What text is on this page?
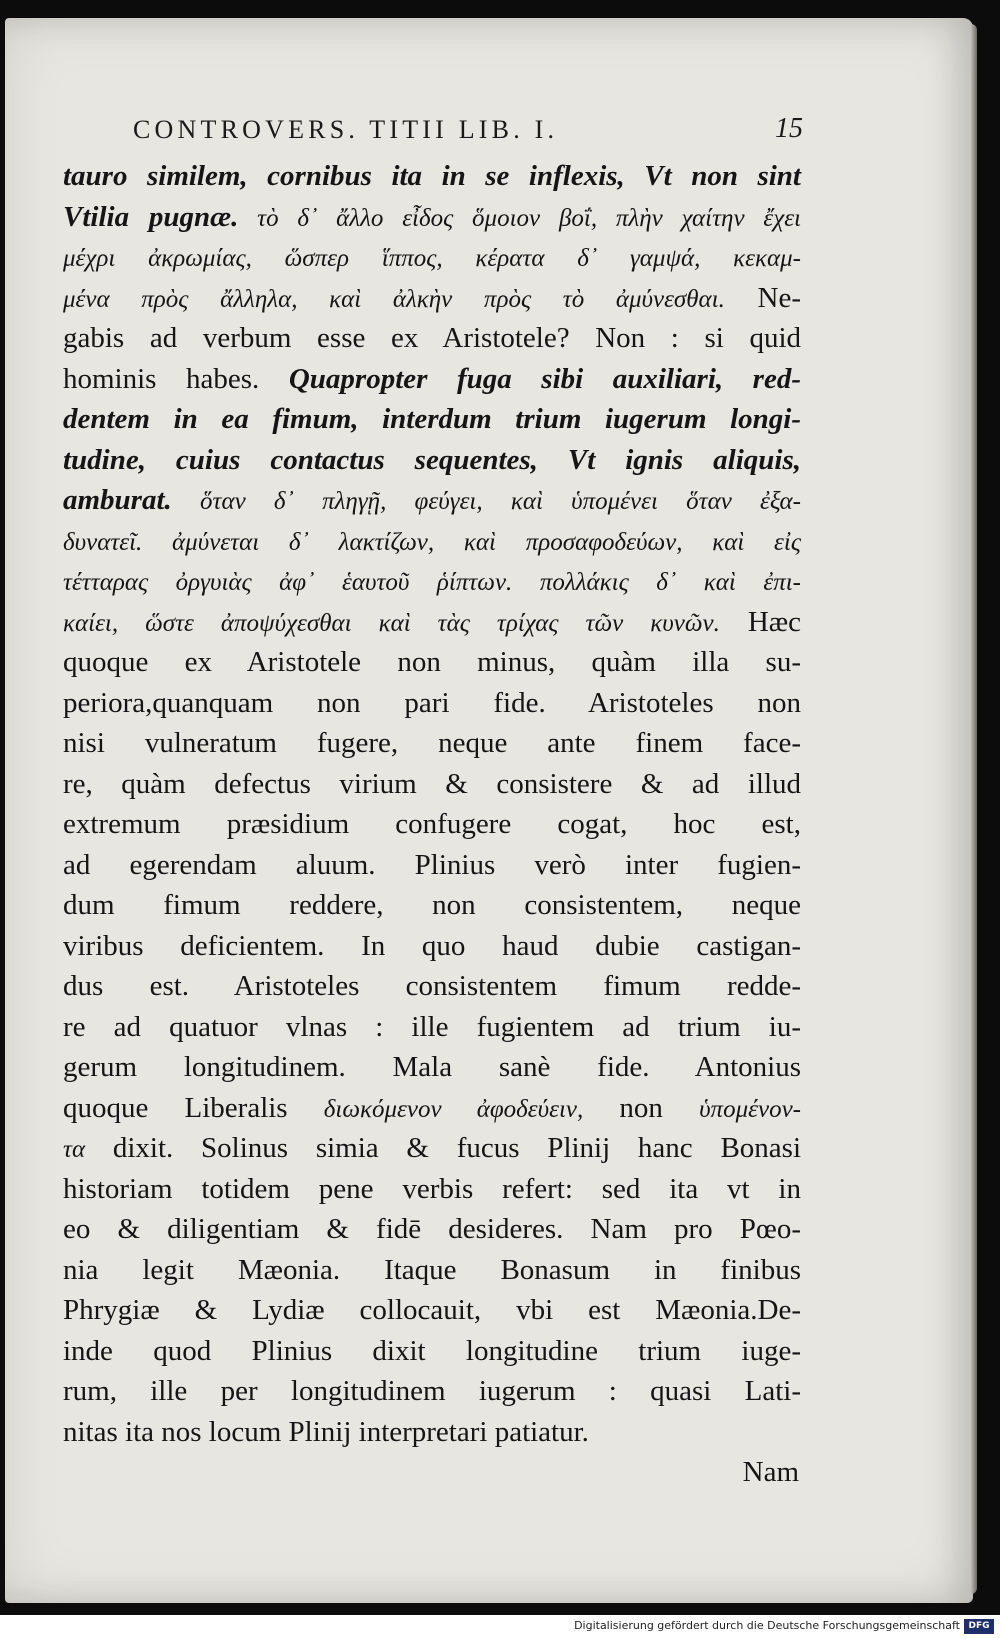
CONTROVERS. TITII LIB. I.	15
tauro similem, cornibus ita in se inflexis, Vt non sint
Vtilia pugnæ. τὸ δ᾽ ἄλλο εἶδος ὅμοιον βοΐ, πλὴν χαίτην ἔχει
μέχρι ἀκρωμίας, ὥσπερ ἵππος, κέρατα δ᾽ γαμψά, κεκαμ-
μένα πρὸς ἄλληλα, καὶ ἀλκὴν πρὸς τὸ ἀμύνεσθαι. Ne-
gabis ad verbum esse ex Aristotele? Non : si quid
hominis habes. Quapropter fuga sibi auxiliari, red-
dentem in ea fimum, interdum trium iugerum longi-
tudine, cuius contactus sequentes, Vt ignis aliquis,
amburat. ὅταν δ᾽ πληγῇ, φεύγει, καὶ ὑπομένει ὅταν ἐξα-
δυνατεῖ. ἀμύνεται δ᾽ λακτίζων, καὶ προσαφοδεύων, καὶ εἰς
τέτταρας ὀργυιὰς ἀφ᾽ ἑαυτοῦ ῥίπτων. πολλάκις δ᾽ καὶ ἐπι-
καίει, ὥστε ἀποψύχεσθαι καὶ τὰς τρίχας τῶν κυνῶν. Hæc
quoque ex Aristotele non minus, quàm illa su-
periora,quanquam non pari fide. Aristoteles non
nisi vulneratum fugere, neque ante finem face-
re, quàm defectus virium & consistere & ad illud
extremum præsidium confugere cogat, hoc est,
ad egerendam aluum. Plinius verò inter fugien-
dum fimum reddere, non consistentem, neque
viribus deficientem. In quo haud dubie castigan-
dus est. Aristoteles consistentem fimum redde-
re ad quatuor vlnas : ille fugientem ad trium iu-
gerum longitudinem. Mala sanè fide. Antonius
quoque Liberalis διωκόμενον ἀφοδεύειν, non ὑπομένον-
τα dixit. Solinus simia & fucus Plinij hanc Bonasi
historiam totidem pene verbis refert: sed ita vt in
eo & diligentiam & fidē desideres. Nam pro Pœo-
nia legit Mæonia. Itaque Bonasum in finibus
Phrygiæ & Lydiæ collocauit, vbi est Mæonia.De-
inde quod Plinius dixit longitudine trium iuge-
rum, ille per longitudinem iugerum : quasi Lati-
nitas ita nos locum Plinij interpretari patiatur.
Nam
Digitalisierung gefördert durch die Deutsche Forschungsgemeinschaft DFG
